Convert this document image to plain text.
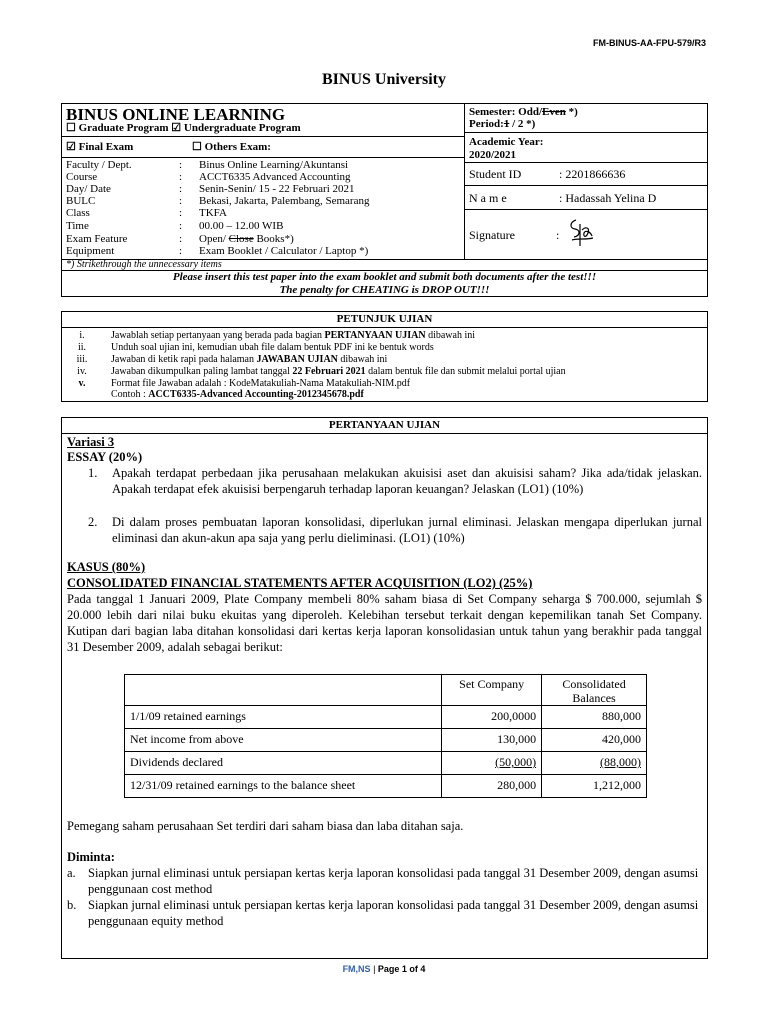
FM-BINUS-AA-FPU-579/R3
BINUS University
BINUS ONLINE LEARNING
☐ Graduate Program ☑ Undergraduate Program
☑ Final Exam	☐ Others Exam:
Faculty / Dept.	: Binus Online Learning/Akuntansi
Course	: ACCT6335 Advanced Accounting
Day/ Date	: Senin-Senin/ 15 - 22 Februari 2021
BULC	: Bekasi, Jakarta, Palembang, Semarang
Class	: TKFA
Time	: 00.00 – 12.00 WIB
Exam Feature	: Open/ Close Books*)
Equipment	: Exam Booklet / Calculator / Laptop *)
Semester: Odd/Even *)
Period:1 / 2 *)
Academic Year:
2020/2021
Student ID	: 2201866636
N a m e	: Hadassah Yelina D
Signature	:
*) Strikethrough the unnecessary items
Please insert this test paper into the exam booklet and submit both documents after the test!!!
The penalty for CHEATING is DROP OUT!!!
PETUNJUK UJIAN
i.	Jawablah setiap pertanyaan yang berada pada bagian PERTANYAAN UJIAN dibawah ini
ii.	Unduh soal ujian ini, kemudian ubah file dalam bentuk PDF ini ke bentuk words
iii.	Jawaban di ketik rapi pada halaman JAWABAN UJIAN dibawah ini
iv.	Jawaban dikumpulkan paling lambat tanggal 22 Februari 2021 dalam bentuk file dan submit melalui portal ujian
v.	Format file Jawaban adalah : KodeMatakuliah-Nama Matakuliah-NIM.pdf
Contoh : ACCT6335-Advanced Accounting-2012345678.pdf
PERTANYAAN UJIAN
Variasi 3
ESSAY (20%)
1. Apakah terdapat perbedaan jika perusahaan melakukan akuisisi aset dan akuisisi saham? Jika ada/tidak jelaskan. Apakah terdapat efek akuisisi berpengaruh terhadap laporan keuangan? Jelaskan (LO1) (10%)
2. Di dalam proses pembuatan laporan konsolidasi, diperlukan jurnal eliminasi. Jelaskan mengapa diperlukan jurnal eliminasi dan akun-akun apa saja yang perlu dieliminasi. (LO1) (10%)
KASUS (80%)
CONSOLIDATED FINANCIAL STATEMENTS AFTER ACQUISITION (LO2) (25%)
Pada tanggal 1 Januari 2009, Plate Company membeli 80% saham biasa di Set Company seharga $ 700.000, sejumlah $ 20.000 lebih dari nilai buku ekuitas yang diperoleh. Kelebihan tersebut terkait dengan kepemilikan tanah Set Company. Kutipan dari bagian laba ditahan konsolidasi dari kertas kerja laporan konsolidasian untuk tahun yang berakhir pada tanggal 31 Desember 2009, adalah sebagai berikut:
	Set Company	Consolidated Balances
1/1/09 retained earnings	200,0000	880,000
Net income from above	130,000	420,000
Dividends declared	(50,000)	(88,000)
12/31/09 retained earnings to the balance sheet	280,000	1,212,000
Pemegang saham perusahaan Set terdiri dari saham biasa dan laba ditahan saja.
Diminta:
a. Siapkan jurnal eliminasi untuk persiapan kertas kerja laporan konsolidasi pada tanggal 31 Desember 2009, dengan asumsi penggunaan cost method
b. Siapkan jurnal eliminasi untuk persiapan kertas kerja laporan konsolidasi pada tanggal 31 Desember 2009, dengan asumsi penggunaan equity method
FM,NS | Page 1 of 4
